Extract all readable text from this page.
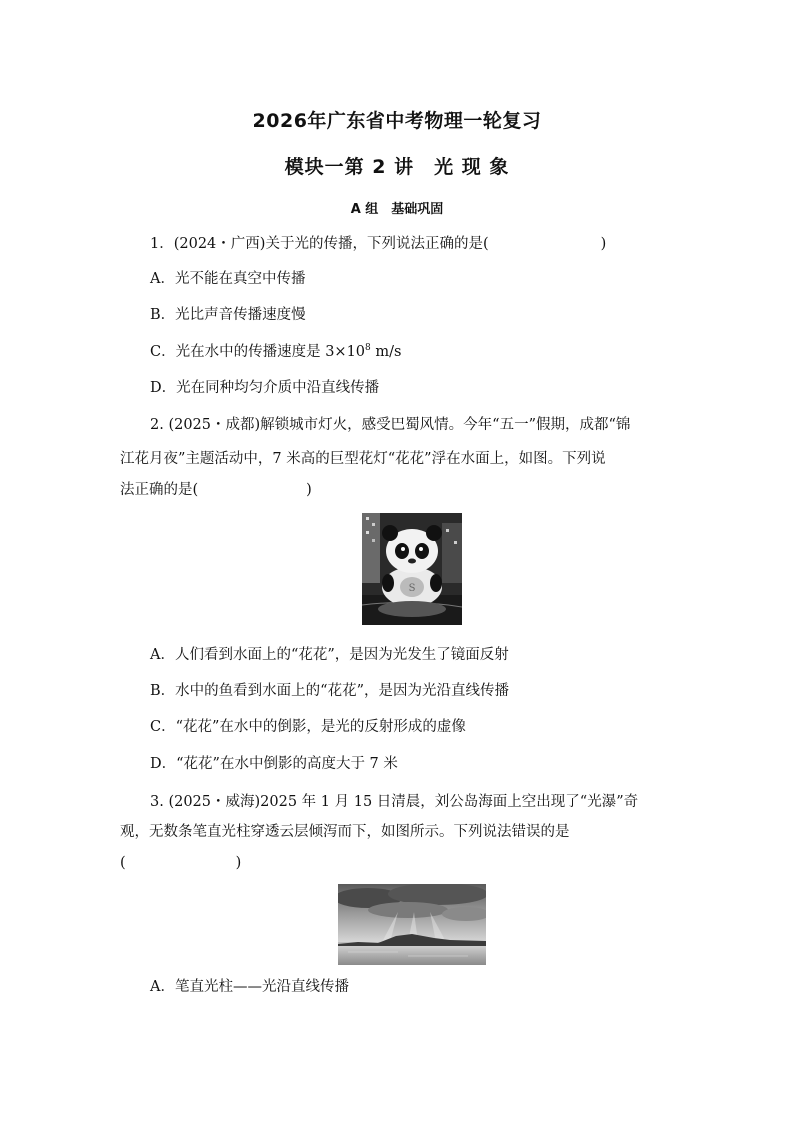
2026年广东省中考物理一轮复习
模块一第 2 讲　光 现 象
A 组　基础巩固
1．(2024・广西)关于光的传播，下列说法正确的是(	)
A．光不能在真空中传播
B．光比声音传播速度慢
C．光在水中的传播速度是 $3\times 10^8$ m/s
D．光在同种均匀介质中沿直线传播
2. (2025・成都)解锁城市灯火，感受巴蜀风情。今年“五一”假期，成都“锦
江花月夜”主题活动中，7 米高的巨型花灯“花花”浮在水面上，如图。下列说
法正确的是(	)
S
A．人们看到水面上的“花花”，是因为光发生了镜面反射
B．水中的鱼看到水面上的“花花”，是因为光沿直线传播
C．“花花”在水中的倒影，是光的反射形成的虚像
D．“花花”在水中倒影的高度大于 7 米
3. (2025・威海)2025 年 1 月 15 日清晨，刘公岛海面上空出现了“光瀑”奇
观，无数条笔直光柱穿透云层倾泻而下，如图所示。下列说法错误的是
(	)
A．笔直光柱——光沿直线传播
